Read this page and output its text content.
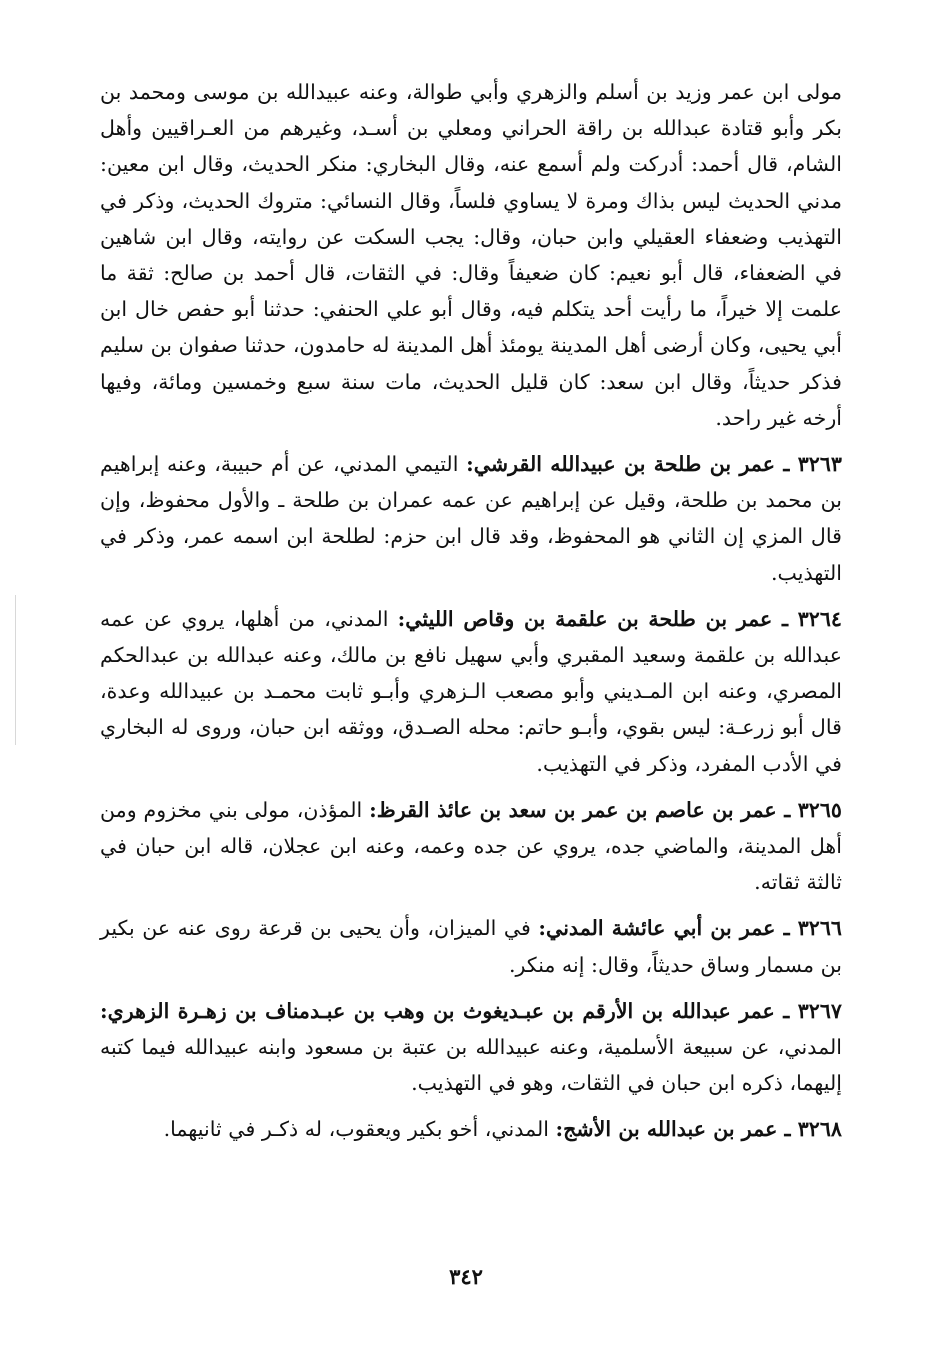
مولى ابن عمر وزيد بن أسلم والزهري وأبي طوالة، وعنه عبيدالله بن موسى ومحمد بن بكر وأبو قتادة عبدالله بن راقة الحراني ومعلي بن أسـد، وغيرهم من العـراقيين وأهل الشام، قال أحمد: أدركت ولم أسمع عنه، وقال البخاري: منكر الحديث، وقال ابن معين: مدني الحديث ليس بذاك ومرة لا يساوي فلساً، وقال النسائي: متروك الحديث، وذكر في التهذيب وضعفاء العقيلي وابن حبان، وقال: يجب السكت عن روايته، وقال ابن شاهين في الضعفاء، قال أبو نعيم: كان ضعيفاً وقال: في الثقات، قال أحمد بن صالح: ثقة ما علمت إلا خيراً، ما رأيت أحد يتكلم فيه، وقال أبو علي الحنفي: حدثنا أبو حفص خال ابن أبي يحيى، وكان أرضى أهل المدينة يومئذ أهل المدينة له حامدون، حدثنا صفوان بن سليم فذكر حديثاً، وقال ابن سعد: كان قليل الحديث، مات سنة سبع وخمسين ومائة، وفيها أرخه غير راحد.

٣٢٦٣ ـ عمر بن طلحة بن عبيدالله القرشي: التيمي المدني، عن أم حبيبة، وعنه إبراهيم بن محمد بن طلحة، وقيل عن إبراهيم عن عمه عمران بن طلحة ـ والأول محفوظ، وإن قال المزي إن الثاني هو المحفوظ، وقد قال ابن حزم: لطلحة ابن اسمه عمر، وذكر في التهذيب.

٣٢٦٤ ـ عمر بن طلحة بن علقمة بن وقاص الليثي: المدني، من أهلها، يروي عن عمه عبدالله بن علقمة وسعيد المقبري وأبي سهيل نافع بن مالك، وعنه عبدالله بن عبدالحكم المصري، وعنه ابن المـديني وأبو مصعب الـزهري وأبـو ثابت محمـد بن عبيدالله وعدة، قال أبو زرعـة: ليس بقوي، وأبـو حاتم: محله الصـدق، ووثقه ابن حبان، وروى له البخاري في الأدب المفرد، وذكر في التهذيب.

٣٢٦٥ ـ عمر بن عاصم بن عمر بن سعد بن عائذ القرظ: المؤذن، مولى بني مخزوم ومن أهل المدينة، والماضي جده، يروي عن جده وعمه، وعنه ابن عجلان، قاله ابن حبان في ثالثة ثقاته.

٣٢٦٦ ـ عمر بن أبي عائشة المدني: في الميزان، وأن يحيى بن قرعة روى عنه عن بكير بن مسمار وساق حديثاً، وقال: إنه منكر.

٣٢٦٧ ـ عمر عبدالله بن الأرقم بن عبـديغوث بن وهب بن عبـدمناف بن زهـرة الزهري: المدني، عن سبيعة الأسلمية، وعنه عبيدالله بن عتبة بن مسعود وابنه عبيدالله فيما كتبه إليهما، ذكره ابن حبان في الثقات، وهو في التهذيب.

٣٢٦٨ ـ عمر بن عبدالله بن الأشج: المدني، أخو بكير ويعقوب، له ذكـر في ثانيهما.

٣٤٢
